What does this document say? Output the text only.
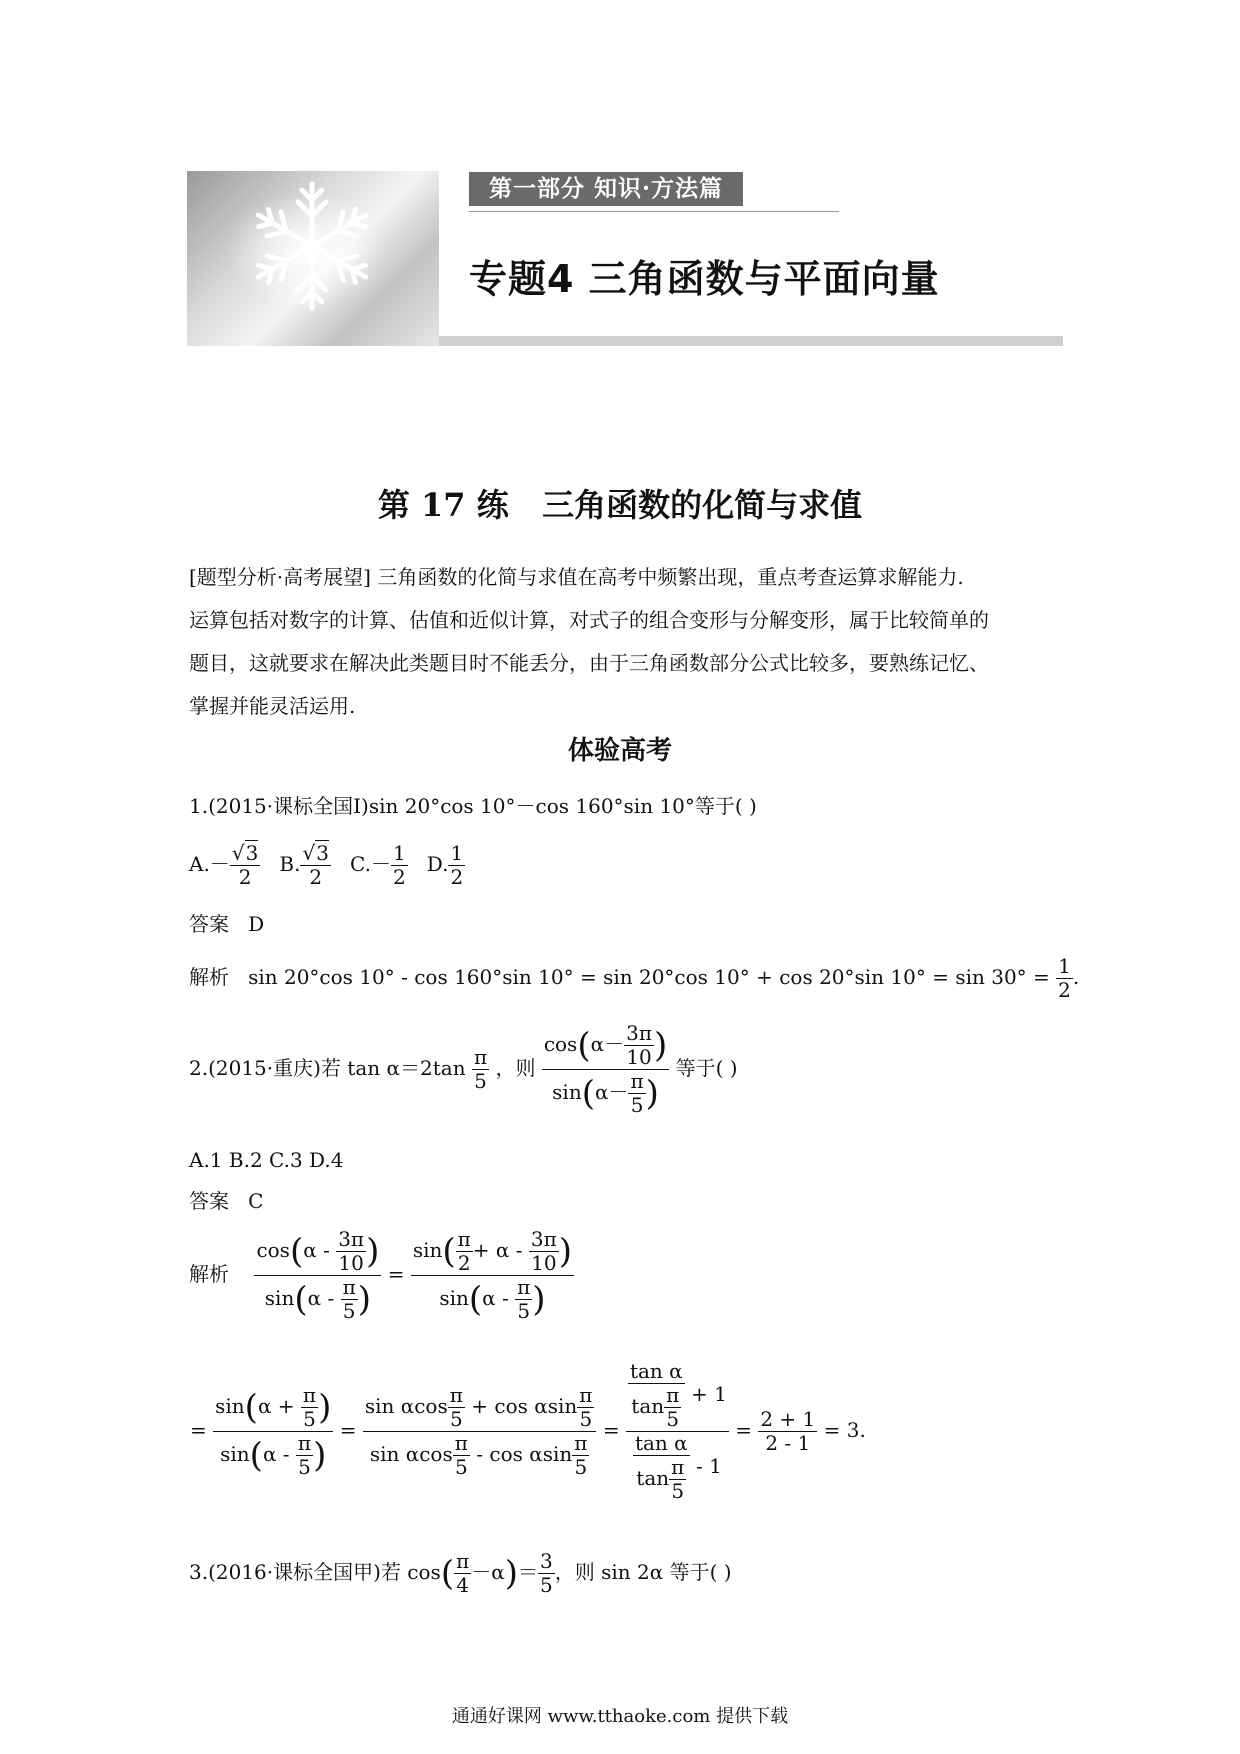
第一部分 知识·方法篇
专题4 三角函数与平面向量
第 17 练   三角函数的化简与求值

[题型分析·高考展望] 三角函数的化简与求值在高考中频繁出现，重点考查运算求解能力.

运算包括对数字的计算、估值和近似计算，对式子的组合变形与分解变形，属于比较简单的

题目，这就要求在解决此类题目时不能丢分，由于三角函数部分公式比较多，要熟练记忆、

掌握并能灵活运用.

体验高考
1.(2015·课标全国Ⅰ)sin 20°cos 10°－cos 160°sin 10°等于( )
$A.- \frac{√3}{2} B$. $\frac{√3}{2} C.- \frac{1}{2} D$. $\frac{1}{2}$
答案 D
解析 sin 20°cos 10° - cos 160°sin 10° = sin 20°cos 10° + cos 20°sin $10^\circ = \sin 30^\circ = \frac{1}{2}$ .
2.(2015·重庆)若 $\tan \alpha=2\tan \frac{\pi}{5}$ ，则 $\frac{\cos(\alpha- \frac{3\pi}{10} )}{\sin(\alpha- \frac{\pi}{5} )}$ 等于( )
A.1 B.2 C.3 D.4
答案 C
解析 $\frac{\cos(\alpha - \frac{3\pi}{10} )}{\sin(\alpha - \frac{\pi}{5} )} = \frac{\sin( \frac{\pi}{2} + \alpha - \frac{3\pi}{10} )}{\sin(\alpha - \frac{\pi}{5} )}$
= $\frac{\sin(\alpha + \frac{\pi}{5} )}{\sin(\alpha - \frac{\pi}{5} )} = \frac{\sin \alpha\cos \frac{\pi}{5} + \cos \alpha\sin \frac{\pi}{5}}{\sin \alpha\cos \frac{\pi}{5} - \cos \alpha\sin \frac{\pi}{5}} = \frac{\frac{\text{tan α}}{\tan \frac{\pi}{5}} + 1}{\frac{\text{tan α}}{\tan \frac{\pi}{5}} - 1} = \frac{2 + 1}{2 - 1} = 3$.
3.(2016·课标全国甲)若 $\cos( \frac{\pi}{4} -\alpha)= \frac{3}{5}$ ，则 sin 2α 等于( )
通通好课网 www.tthaoke.com 提供下载
